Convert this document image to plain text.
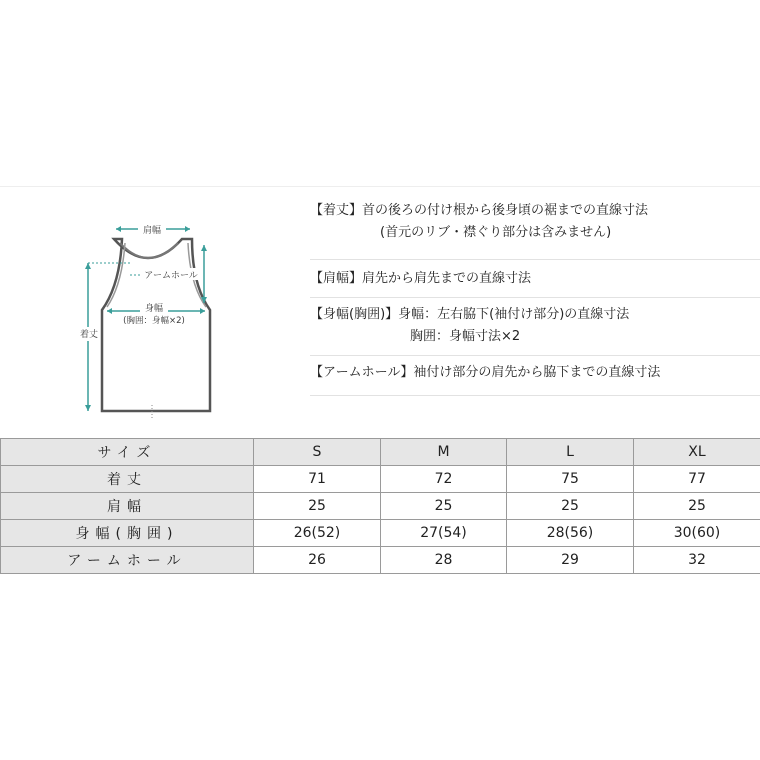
肩幅
アームホール
身幅
(胸囲：身幅×2)
着丈
【着丈】首の後ろの付け根から後身頃の裾までの直線寸法
(首元のリブ・襟ぐり部分は含みません)
【肩幅】肩先から肩先までの直線寸法
【身幅(胸囲)】身幅：左右脇下(袖付け部分)の直線寸法
胸囲：身幅寸法×2
【アームホール】袖付け部分の肩先から脇下までの直線寸法
サイズ	S	M	L	XL
着丈	71	72	75	77
肩幅	25	25	25	25
身幅(胸囲)	26(52)	27(54)	28(56)	30(60)
アームホール	26	28	29	32
